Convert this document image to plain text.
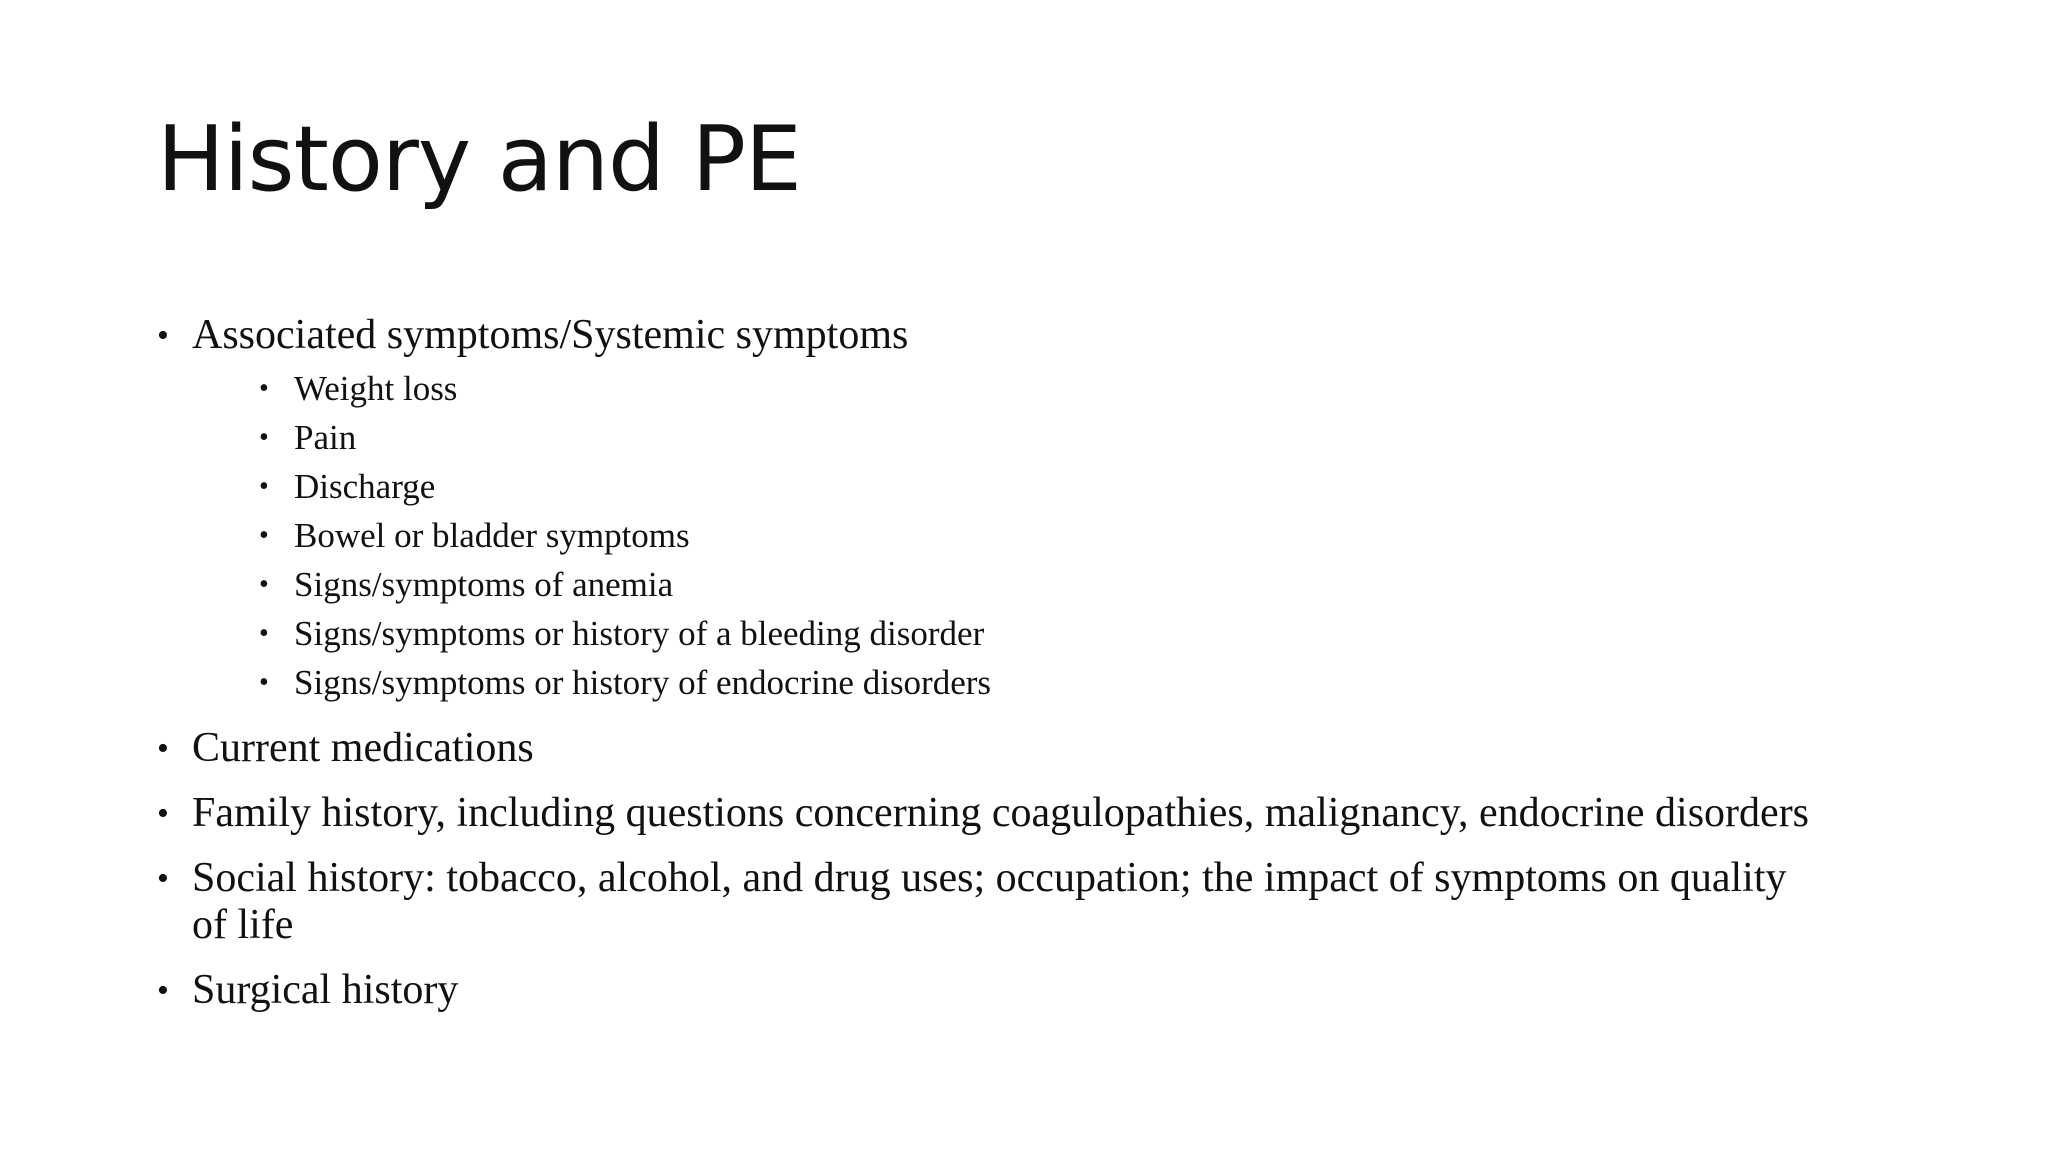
History and PE
• Associated symptoms/Systemic symptoms
• Weight loss
• Pain
• Discharge
• Bowel or bladder symptoms
• Signs/symptoms of anemia
• Signs/symptoms or history of a bleeding disorder
• Signs/symptoms or history of endocrine disorders
• Current medications
• Family history, including questions concerning coagulopathies, malignancy, endocrine disorders
• Social history: tobacco, alcohol, and drug uses; occupation; the impact of symptoms on quality
of life
• Surgical history
